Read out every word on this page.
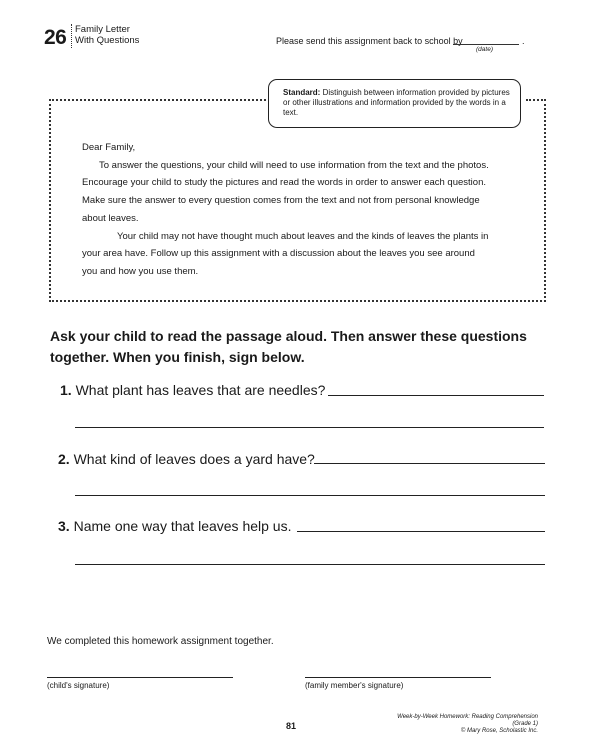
26 Family Letter
With Questions	Please send this assignment back to school by	.
(date)
Standard: Distinguish between information provided by pictures or other illustrations and information provided by the words in a text.

Dear Family,

To answer the questions, your child will need to use information from the text and the photos. Encourage your child to study the pictures and read the words in order to answer each question. Make sure the answer to every question comes from the text and not from personal knowledge about leaves.

Your child may not have thought much about leaves and the kinds of leaves the plants in your area have. Follow up this assignment with a discussion about the leaves you see around you and how you use them.

Ask your child to read the passage aloud. Then answer these questions together. When you finish, sign below.
1. What plant has leaves that are needles?
2. What kind of leaves does a yard have?
3. Name one way that leaves help us.
We completed this homework assignment together.
(child's signature)	(family member's signature)
81
Week-by-Week Homework: Reading Comprehension (Grade 1)
© Mary Rose, Scholastic Inc.
